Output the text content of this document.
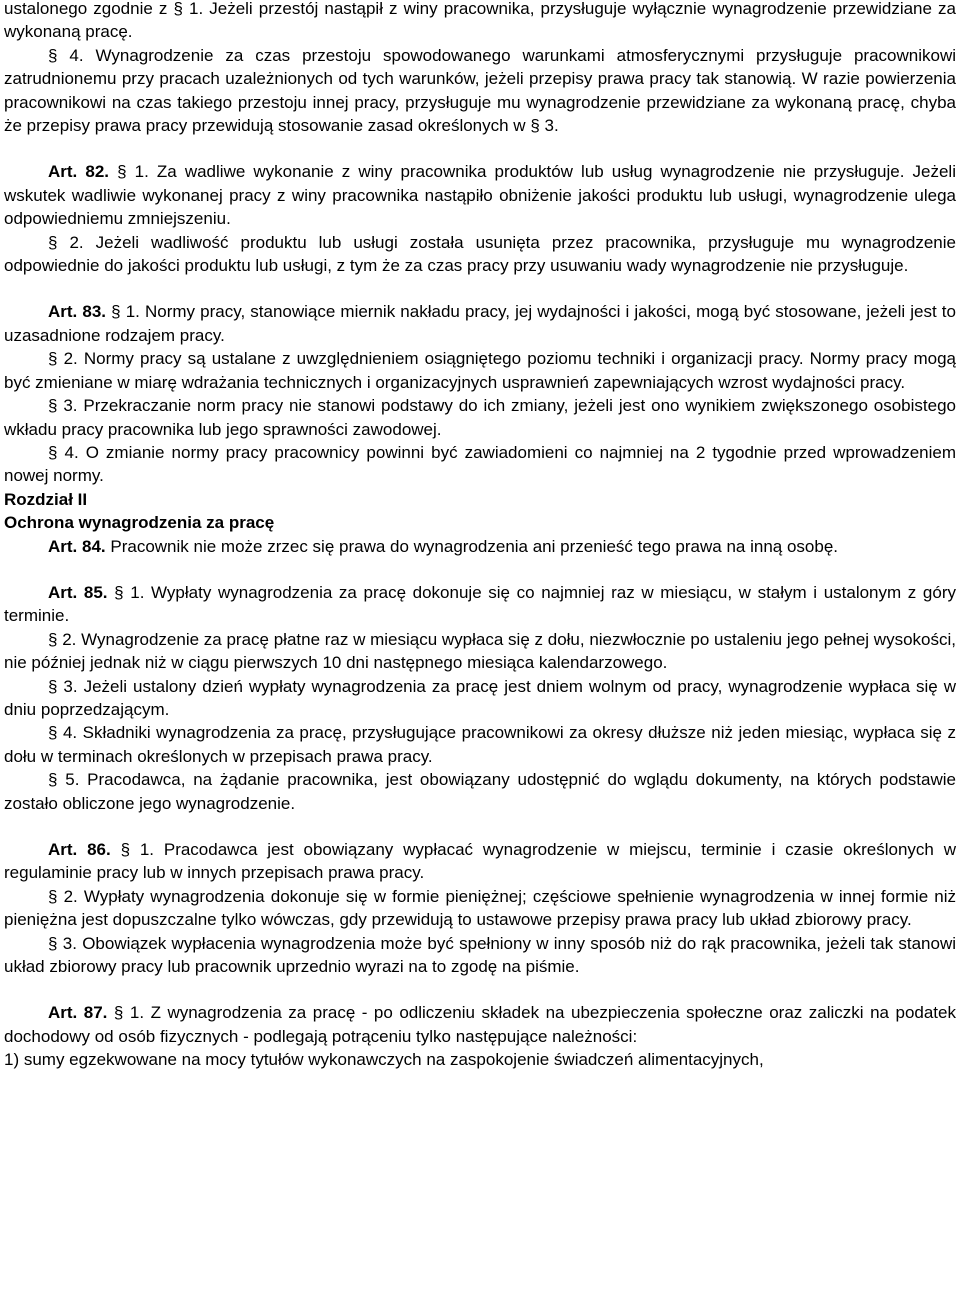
ustalonego zgodnie z § 1. Jeżeli przestój nastąpił z winy pracownika, przysługuje wyłącznie wynagrodzenie przewidziane za wykonaną pracę.

§ 4. Wynagrodzenie za czas przestoju spowodowanego warunkami atmosferycznymi przysługuje pracownikowi zatrudnionemu przy pracach uzależnionych od tych warunków, jeżeli przepisy prawa pracy tak stanowią. W razie powierzenia pracownikowi na czas takiego przestoju innej pracy, przysługuje mu wynagrodzenie przewidziane za wykonaną pracę, chyba że przepisy prawa pracy przewidują stosowanie zasad określonych w § 3.

Art. 82. § 1. Za wadliwe wykonanie z winy pracownika produktów lub usług wynagrodzenie nie przysługuje. Jeżeli wskutek wadliwie wykonanej pracy z winy pracownika nastąpiło obniżenie jakości produktu lub usługi, wynagrodzenie ulega odpowiedniemu zmniejszeniu.

§ 2. Jeżeli wadliwość produktu lub usługi została usunięta przez pracownika, przysługuje mu wynagrodzenie odpowiednie do jakości produktu lub usługi, z tym że za czas pracy przy usuwaniu wady wynagrodzenie nie przysługuje.

Art. 83. § 1. Normy pracy, stanowiące miernik nakładu pracy, jej wydajności i jakości, mogą być stosowane, jeżeli jest to uzasadnione rodzajem pracy.

§ 2. Normy pracy są ustalane z uwzględnieniem osiągniętego poziomu techniki i organizacji pracy. Normy pracy mogą być zmieniane w miarę wdrażania technicznych i organizacyjnych usprawnień zapewniających wzrost wydajności pracy.

§ 3. Przekraczanie norm pracy nie stanowi podstawy do ich zmiany, jeżeli jest ono wynikiem zwiększonego osobistego wkładu pracy pracownika lub jego sprawności zawodowej.

§ 4. O zmianie normy pracy pracownicy powinni być zawiadomieni co najmniej na 2 tygodnie przed wprowadzeniem nowej normy.

Rozdział II

Ochrona wynagrodzenia za pracę

Art. 84. Pracownik nie może zrzec się prawa do wynagrodzenia ani przenieść tego prawa na inną osobę.

Art. 85. § 1. Wypłaty wynagrodzenia za pracę dokonuje się co najmniej raz w miesiącu, w stałym i ustalonym z góry terminie.

§ 2. Wynagrodzenie za pracę płatne raz w miesiącu wypłaca się z dołu, niezwłocznie po ustaleniu jego pełnej wysokości, nie później jednak niż w ciągu pierwszych 10 dni następnego miesiąca kalendarzowego.

§ 3. Jeżeli ustalony dzień wypłaty wynagrodzenia za pracę jest dniem wolnym od pracy, wynagrodzenie wypłaca się w dniu poprzedzającym.

§ 4. Składniki wynagrodzenia za pracę, przysługujące pracownikowi za okresy dłuższe niż jeden miesiąc, wypłaca się z dołu w terminach określonych w przepisach prawa pracy.

§ 5. Pracodawca, na żądanie pracownika, jest obowiązany udostępnić do wglądu dokumenty, na których podstawie zostało obliczone jego wynagrodzenie.

Art. 86. § 1. Pracodawca jest obowiązany wypłacać wynagrodzenie w miejscu, terminie i czasie określonych w regulaminie pracy lub w innych przepisach prawa pracy.

§ 2. Wypłaty wynagrodzenia dokonuje się w formie pieniężnej; częściowe spełnienie wynagrodzenia w innej formie niż pieniężna jest dopuszczalne tylko wówczas, gdy przewidują to ustawowe przepisy prawa pracy lub układ zbiorowy pracy.

§ 3. Obowiązek wypłacenia wynagrodzenia może być spełniony w inny sposób niż do rąk pracownika, jeżeli tak stanowi układ zbiorowy pracy lub pracownik uprzednio wyrazi na to zgodę na piśmie.

Art. 87. § 1. Z wynagrodzenia za pracę - po odliczeniu składek na ubezpieczenia społeczne oraz zaliczki na podatek dochodowy od osób fizycznych - podlegają potrąceniu tylko następujące należności:

1) sumy egzekwowane na mocy tytułów wykonawczych na zaspokojenie świadczeń alimentacyjnych,
